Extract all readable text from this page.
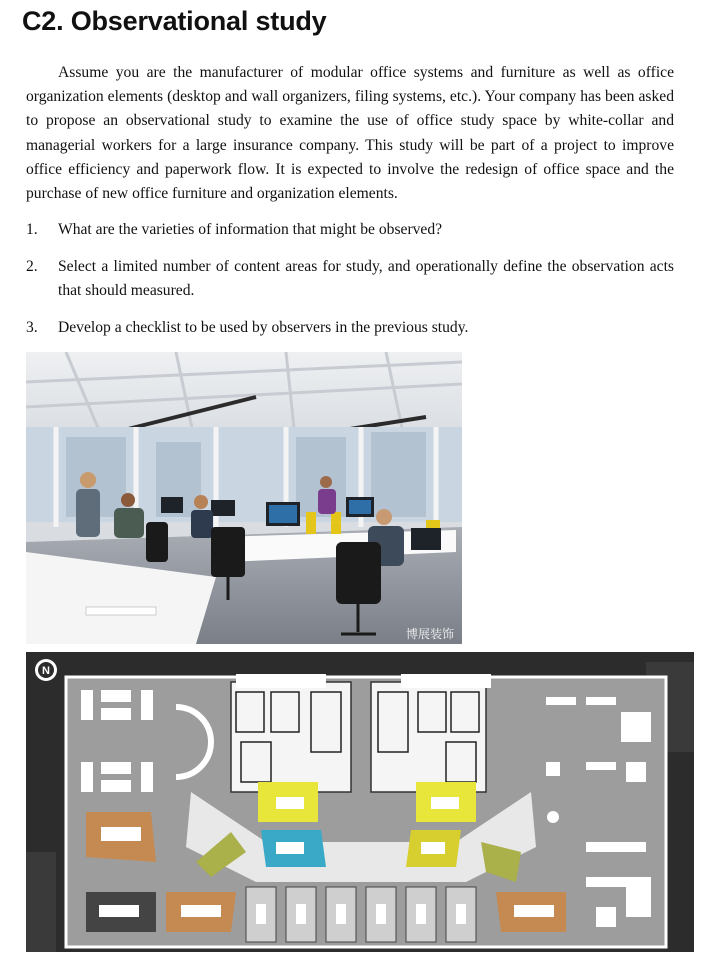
C2. Observational study

Assume you are the manufacturer of modular office systems and furniture as well as office organization elements (desktop and wall organizers, filing systems, etc.). Your company has been asked to propose an observational study to examine the use of office study space by white-collar and managerial workers for a large insurance company. This study will be part of a project to improve office efficiency and paperwork flow. It is expected to involve the redesign of office space and the purchase of new office furniture and organization elements.

1. What are the varieties of information that might be observed?
2. Select a limited number of content areas for study, and operationally define the observation acts that should measured.
3. Develop a checklist to be used by observers in the previous study.
博展装饰
N
